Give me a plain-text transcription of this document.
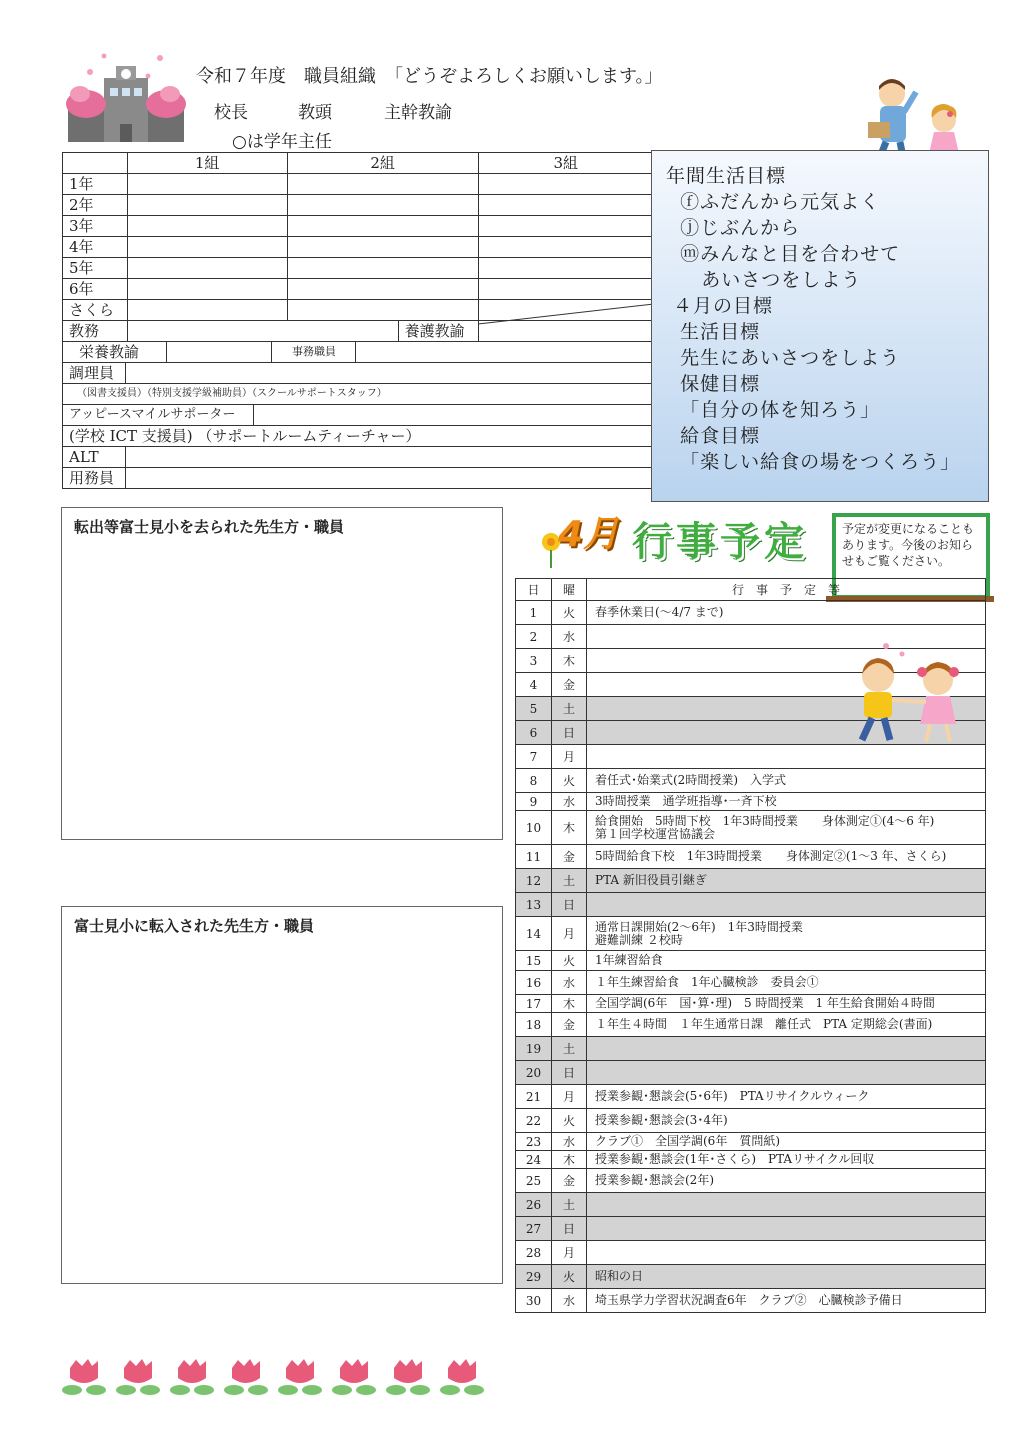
令和７年度　職員組織　「どうぞよろしくお願いします。」
校長	教頭	主幹教諭
○は学年主任
	1組	2組	3組
1年			
2年			
3年			
4年			
5年			
6年			
さくら			
教務	養護教諭		

栄養教諭 事務職員			

調理員			

（図書支援員）（特別支援学級補助員）（スクールサポートスタッフ）			
アッピースマイルサポーター			

(学校 ICT 支援員) （サポートルームティーチャー）			
ALT			

用務員			
年間生活目標
ⓕふだんから元気よく
ⓙじぶんから
ⓜみんなと目を合わせて
あいさつをしよう
４月の目標
生活目標
先生にあいさつをしよう
保健目標
「自分の体を知ろう」
給食目標
「楽しい給食の場をつくろう」
転出等富士見小を去られた先生方・職員
富士見小に転入された先生方・職員
4月 行事予定	予定が変更になることもあります。今後のお知らせもご覧ください。
日	曜	行　事　予　定　等
1	火	春季休業日(～4/7 まで)
2	水	
3	木	
4	金	
5	土	
6	日	
7	月	
8	火	着任式･始業式(2時間授業)　入学式
9	水	3時間授業　通学班指導･一斉下校
10	木	給食開始　5時間下校　1年3時間授業　　身体測定①(4～6 年)
第１回学校運営協議会
11	金	5時間給食下校　1年3時間授業　　身体測定②(1～3 年、さくら)
12	土	PTA 新旧役員引継ぎ
13	日	
14	月	通常日課開始(2～6年)　1年3時間授業
避難訓練 ２校時
15	火	1年練習給食
16	水	１年生練習給食　1年心臓検診　委員会①
17	木	全国学調(6年　国･算･理)　5 時間授業　1 年生給食開始４時間
18	金	１年生４時間　１年生通常日課　離任式　PTA 定期総会(書面)
19	土	
20	日	
21	月	授業参観･懇談会(5･6年)　PTAリサイクルウィーク
22	火	授業参観･懇談会(3･4年)
23	水	クラブ①　全国学調(6年　質問紙)
24	木	授業参観･懇談会(1年･さくら)　PTAリサイクル回収
25	金	授業参観･懇談会(2年)
26	土	
27	日	
28	月	
29	火	昭和の日
30	水	埼玉県学力学習状況調査6年　クラブ②　心臓検診予備日
